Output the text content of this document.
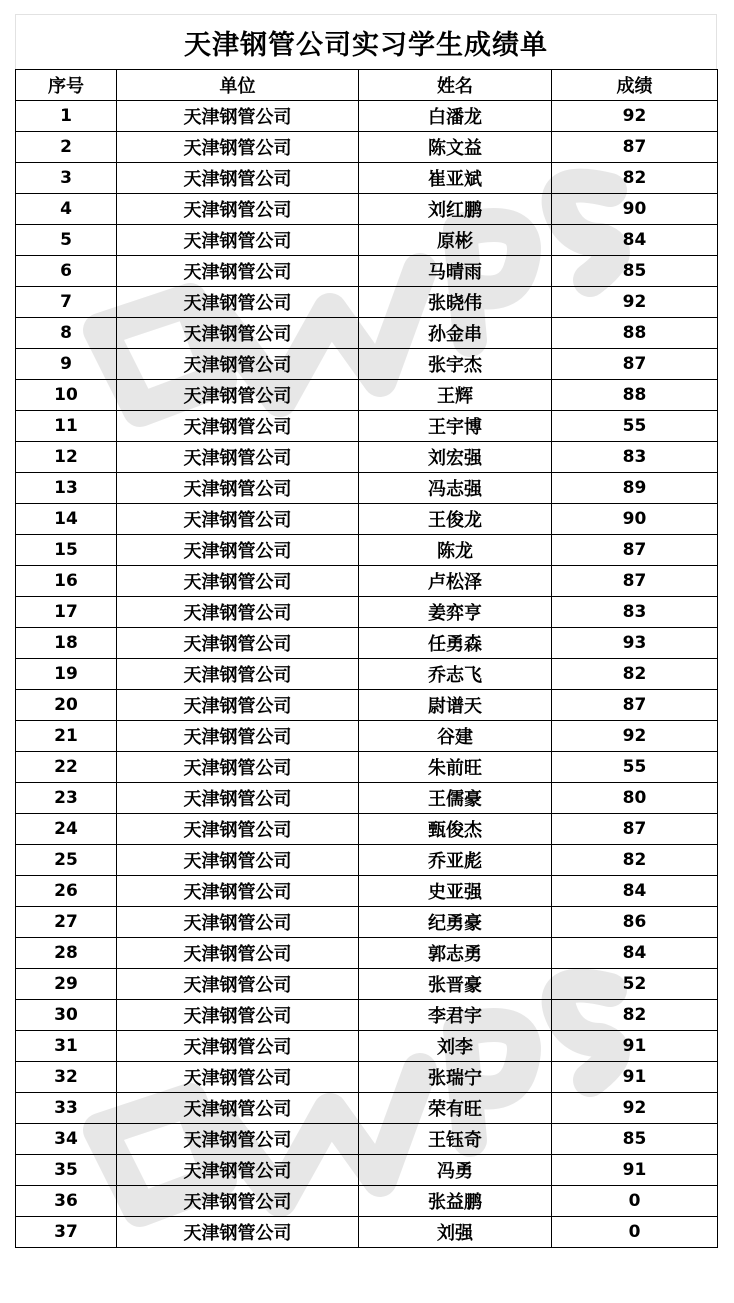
天津钢管公司实习学生成绩单
序号	单位	姓名	成绩
1	天津钢管公司	白潘龙	92
2	天津钢管公司	陈文益	87
3	天津钢管公司	崔亚斌	82
4	天津钢管公司	刘红鹏	90
5	天津钢管公司	原彬	84
6	天津钢管公司	马晴雨	85
7	天津钢管公司	张晓伟	92
8	天津钢管公司	孙金串	88
9	天津钢管公司	张宇杰	87
10	天津钢管公司	王辉	88
11	天津钢管公司	王宇博	55
12	天津钢管公司	刘宏强	83
13	天津钢管公司	冯志强	89
14	天津钢管公司	王俊龙	90
15	天津钢管公司	陈龙	87
16	天津钢管公司	卢松泽	87
17	天津钢管公司	姜弈亨	83
18	天津钢管公司	任勇森	93
19	天津钢管公司	乔志飞	82
20	天津钢管公司	尉谱天	87
21	天津钢管公司	谷建	92
22	天津钢管公司	朱前旺	55
23	天津钢管公司	王儒豪	80
24	天津钢管公司	甄俊杰	87
25	天津钢管公司	乔亚彪	82
26	天津钢管公司	史亚强	84
27	天津钢管公司	纪勇豪	86
28	天津钢管公司	郭志勇	84
29	天津钢管公司	张晋豪	52
30	天津钢管公司	李君宇	82
31	天津钢管公司	刘李	91
32	天津钢管公司	张瑞宁	91
33	天津钢管公司	荣有旺	92
34	天津钢管公司	王钰奇	85
35	天津钢管公司	冯勇	91
36	天津钢管公司	张益鹏	0
37	天津钢管公司	刘强	0
